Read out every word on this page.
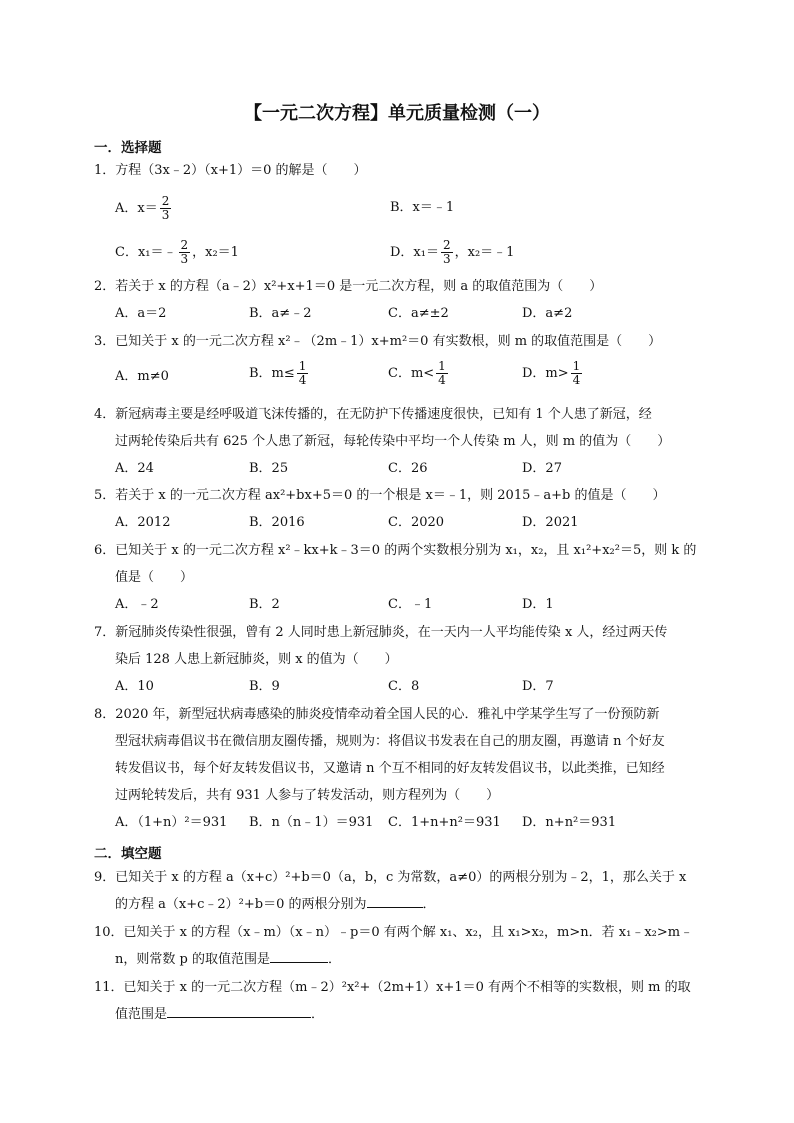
【一元二次方程】单元质量检测（一）
一．选择题
1．方程（3x﹣2）（x+1）＝0 的解是（　　）
A．$x= \frac{2}{3}$	B．x＝﹣1
C．x₁＝﹣ $\frac{2}{3}$ ，x₂＝1	D．$x_1= \frac{2}{3}$ ，x₂＝﹣1
2．若关于 x 的方程（a﹣2）x²+x+1＝0 是一元二次方程，则 a 的取值范围为（　　）
A．a＝2	B．a≠﹣2	C．a≠±2	D．a≠2
3．已知关于 x 的一元二次方程 x²﹣（2m﹣1）x+m²＝0 有实数根，则 m 的取值范围是（　　）
A．m≠0	B．$m\le \frac{1}{4}$	C．$m< \frac{1}{4}$	D．$m> \frac{1}{4}$
4．新冠病毒主要是经呼吸道飞沫传播的，在无防护下传播速度很快，已知有 1 个人患了新冠，经
过两轮传染后共有 625 个人患了新冠，每轮传染中平均一个人传染 m 人，则 m 的值为（　　）
A．24	B．25	C．26	D．27
5．若关于 x 的一元二次方程 ax²+bx+5＝0 的一个根是 x＝﹣1，则 2015﹣a+b 的值是（　　）
A．2012	B．2016	C．2020	D．2021
6．已知关于 x 的一元二次方程 x²﹣kx+k﹣3＝0 的两个实数根分别为 x₁，x₂，且 x₁²+x₂²＝5，则 k 的
值是（　　）
A．﹣2	B．2	C．﹣1	D．1
7．新冠肺炎传染性很强，曾有 2 人同时患上新冠肺炎，在一天内一人平均能传染 x 人，经过两天传
染后 128 人患上新冠肺炎，则 x 的值为（　　）
A．10	B．9	C．8	D．7
8．2020 年，新型冠状病毒感染的肺炎疫情牵动着全国人民的心．雅礼中学某学生写了一份预防新
型冠状病毒倡议书在微信朋友圈传播，规则为：将倡议书发表在自己的朋友圈，再邀请 n 个好友
转发倡议书，每个好友转发倡议书，又邀请 n 个互不相同的好友转发倡议书，以此类推，已知经
过两轮转发后，共有 931 人参与了转发活动，则方程列为（　　）
A．（1+n）²＝931 B．n（n﹣1）＝931 C．1+n+n²＝931 D．n+n²＝931
二．填空题
9．已知关于 x 的方程 a（x+c）²+b＝0（a，b，c 为常数，a≠0）的两根分别为﹣2，1，那么关于 x
的方程 a（x+c﹣2）²+b＝0 的两根分别为	．
10．已知关于 x 的方程（x﹣m）（x﹣n）﹣p＝0 有两个解 x₁、x₂，且 x₁>x₂，m>n．若 x₁﹣x₂>m﹣
n，则常数 p 的取值范围是	．
11．已知关于 x 的一元二次方程（m﹣2）²x²+（2m+1）x+1＝0 有两个不相等的实数根，则 m 的取
值范围是	．
